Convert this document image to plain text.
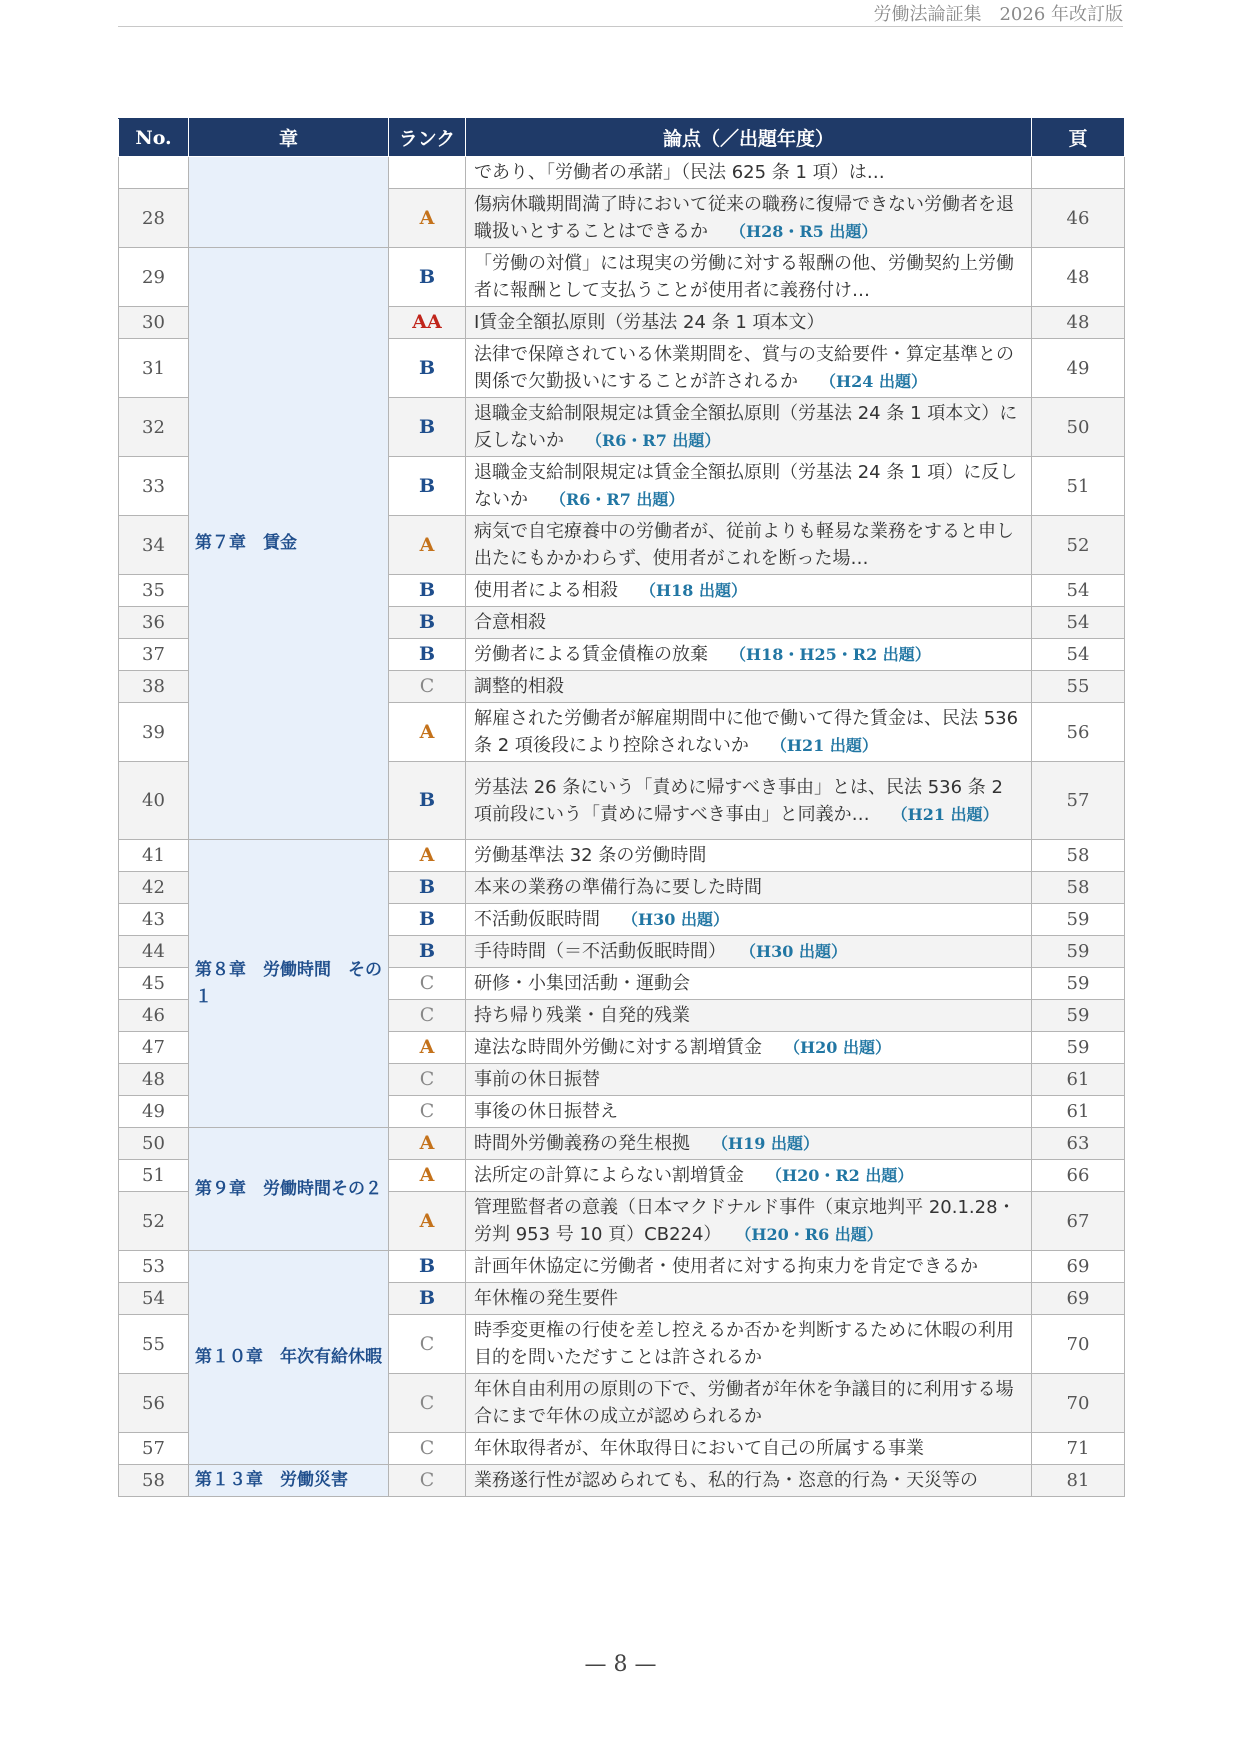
労働法論証集　2026 年改訂版
No.	章	ランク	論点（／出題年度）	頁
			であり、「労働者の承諾」（民法 625 条 1 項）は…	
28		A	傷病休職期間満了時において従来の職務に復帰できない労働者を退職扱いとすることはできるか （H28・R5 出題）	46
29	第７章　賃金	B	「労働の対償」には現実の労働に対する報酬の他、労働契約上労働者に報酬として支払うことが使用者に義務付け…	48
30		AA	Ⅰ賃金全額払原則（労基法 24 条 1 項本文）	48
31		B	法律で保障されている休業期間を、賞与の支給要件・算定基準との関係で欠勤扱いにすることが許されるか （H24 出題）	49
32		B	退職金支給制限規定は賃金全額払原則（労基法 24 条 1 項本文）に反しないか （R6・R7 出題）	50
33		B	退職金支給制限規定は賃金全額払原則（労基法 24 条 1 項）に反しないか （R6・R7 出題）	51
34		A	病気で自宅療養中の労働者が、従前よりも軽易な業務をすると申し出たにもかかわらず、使用者がこれを断った場…	52
35		B	使用者による相殺 （H18 出題）	54
36		B	合意相殺	54
37		B	労働者による賃金債権の放棄 （H18・H25・R2 出題）	54
38		C	調整的相殺	55
39		A	解雇された労働者が解雇期間中に他で働いて得た賃金は、民法 536 条 2 項後段により控除されないか （H21 出題）	56
40		B	労基法 26 条にいう「責めに帰すべき事由」とは、民法 536 条 2 項前段にいう「責めに帰すべき事由」と同義か… （H21 出題）	57
41	第８章　労働時間　その１	A	労働基準法 32 条の労働時間	58
42		B	本来の業務の準備行為に要した時間	58
43		B	不活動仮眠時間 （H30 出題）	59
44		B	手待時間（＝不活動仮眠時間） （H30 出題）	59
45		C	研修・小集団活動・運動会	59
46		C	持ち帰り残業・自発的残業	59
47		A	違法な時間外労働に対する割増賃金 （H20 出題）	59
48		C	事前の休日振替	61
49		C	事後の休日振替え	61
50	第９章　労働時間その２	A	時間外労働義務の発生根拠 （H19 出題）	63
51		A	法所定の計算によらない割増賃金 （H20・R2 出題）	66
52		A	管理監督者の意義（日本マクドナルド事件（東京地判平 20.1.28・労判 953 号 10 頁）CB224） （H20・R6 出題）	67
53	第１０章　年次有給休暇	B	計画年休協定に労働者・使用者に対する拘束力を肯定できるか	69
54		B	年休権の発生要件	69
55		C	時季変更権の行使を差し控えるか否かを判断するために休暇の利用目的を問いただすことは許されるか	70
56		C	年休自由利用の原則の下で、労働者が年休を争議目的に利用する場合にまで年休の成立が認められるか	70
57		C	年休取得者が、年休取得日において自己の所属する事業	71
58	第１３章　労働災害	C	業務遂行性が認められても、私的行為・恣意的行為・天災等の	81
— 8 —
